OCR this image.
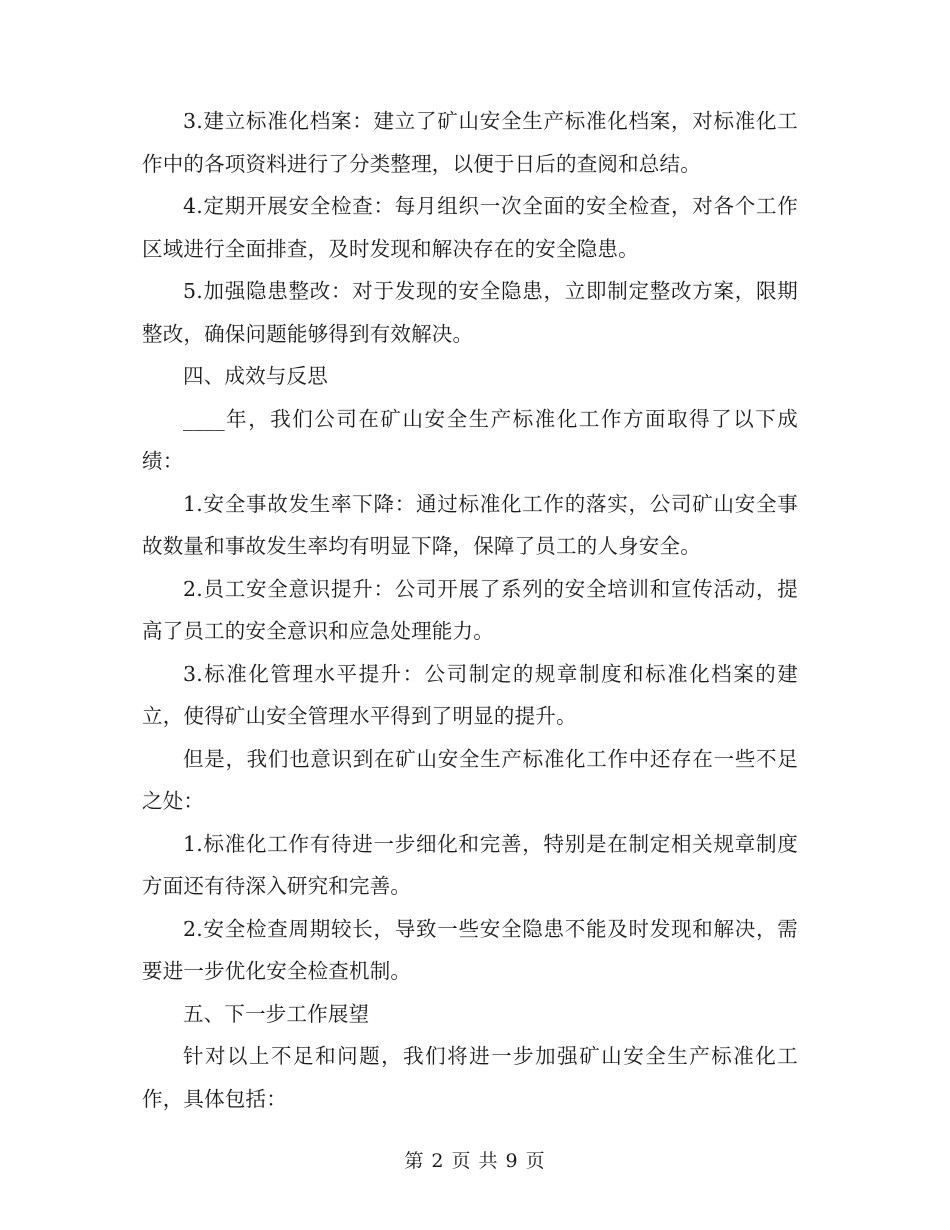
3.建立标准化档案：建立了矿山安全生产标准化档案，对标准化工作中的各项资料进行了分类整理，以便于日后的查阅和总结。

4.定期开展安全检查：每月组织一次全面的安全检查，对各个工作区域进行全面排查，及时发现和解决存在的安全隐患。

5.加强隐患整改：对于发现的安全隐患，立即制定整改方案，限期整改，确保问题能够得到有效解决。

四、成效与反思

____年，我们公司在矿山安全生产标准化工作方面取得了以下成绩：

1.安全事故发生率下降：通过标准化工作的落实，公司矿山安全事故数量和事故发生率均有明显下降，保障了员工的人身安全。

2.员工安全意识提升：公司开展了系列的安全培训和宣传活动，提高了员工的安全意识和应急处理能力。

3.标准化管理水平提升：公司制定的规章制度和标准化档案的建立，使得矿山安全管理水平得到了明显的提升。

但是，我们也意识到在矿山安全生产标准化工作中还存在一些不足之处：

1.标准化工作有待进一步细化和完善，特别是在制定相关规章制度方面还有待深入研究和完善。

2.安全检查周期较长，导致一些安全隐患不能及时发现和解决，需要进一步优化安全检查机制。

五、下一步工作展望

针对以上不足和问题，我们将进一步加强矿山安全生产标准化工作，具体包括：

第 2 页 共 9 页
